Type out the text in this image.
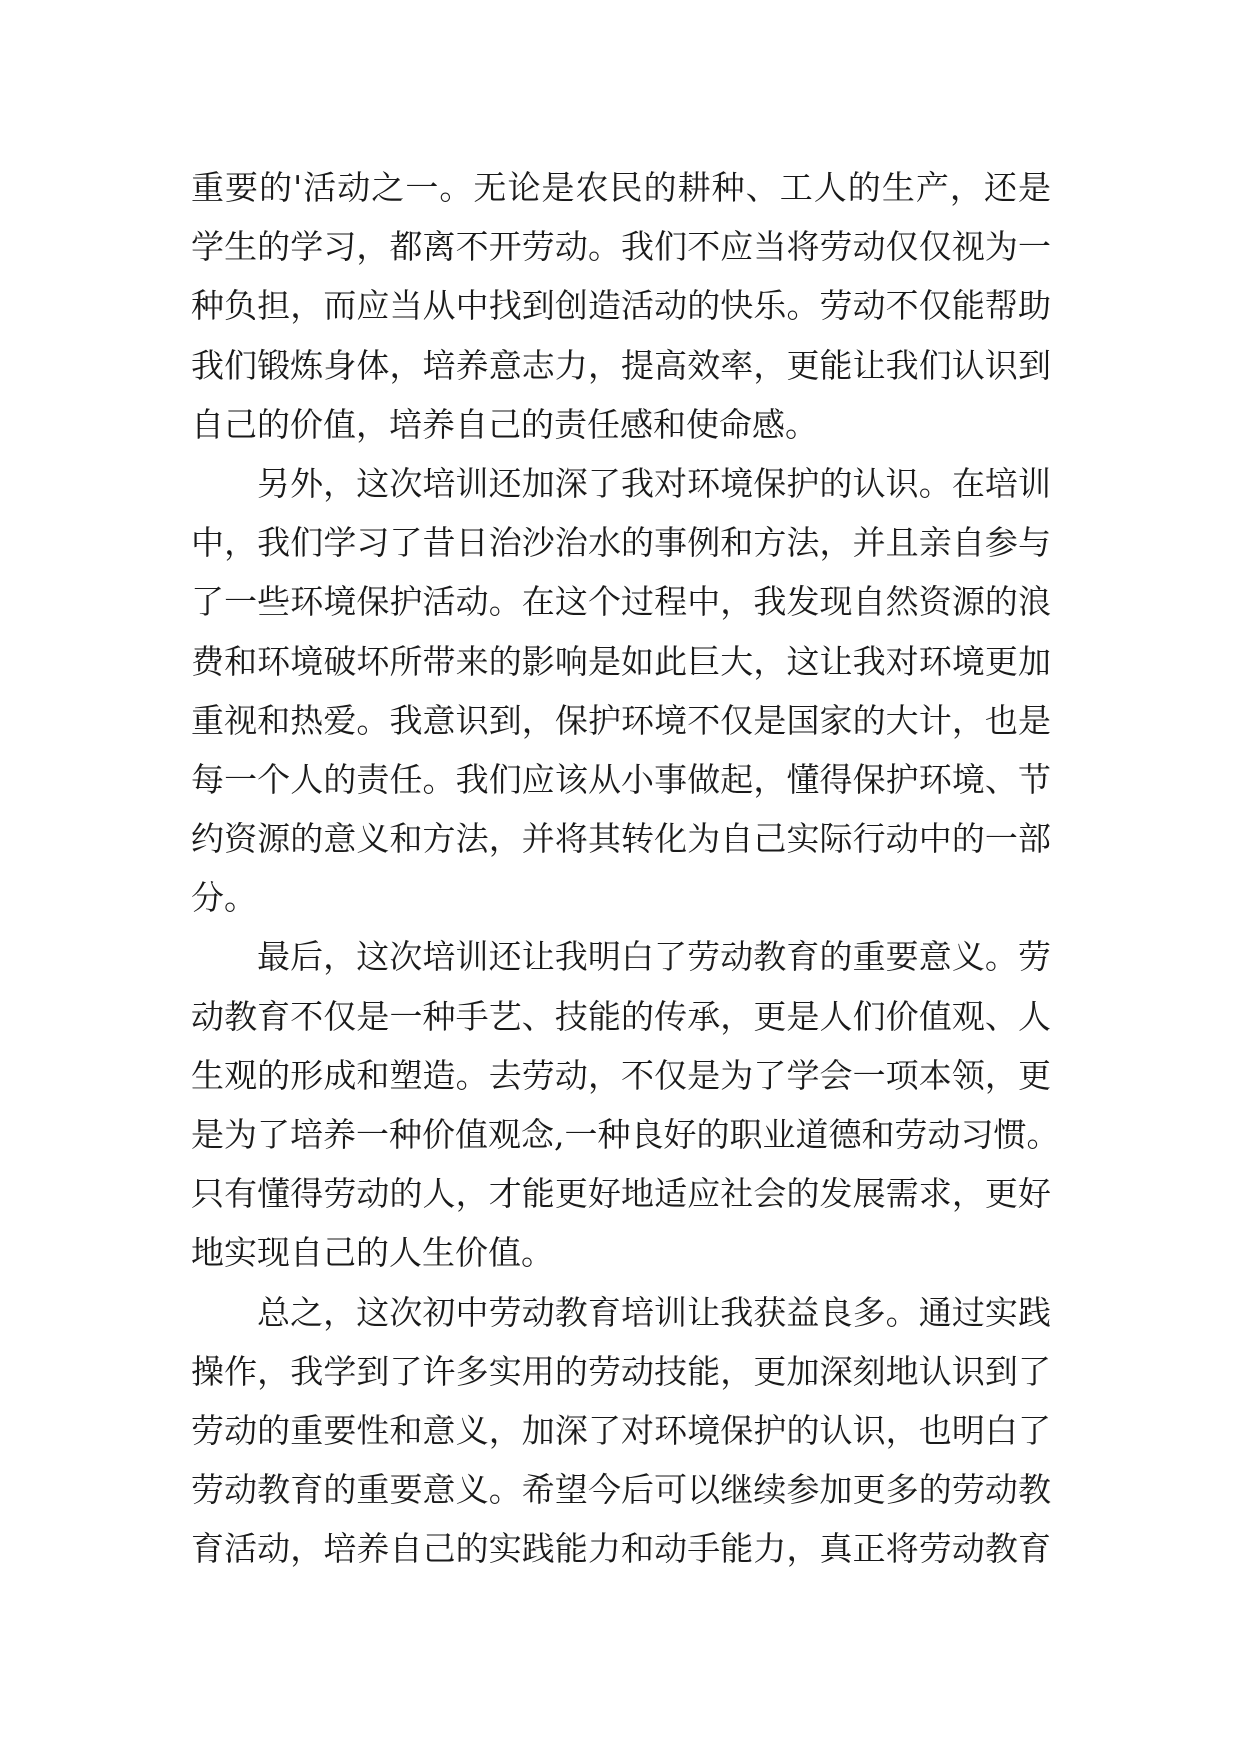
重要的'活动之一。无论是农民的耕种、工人的生产，还是
学生的学习，都离不开劳动。我们不应当将劳动仅仅视为一
种负担，而应当从中找到创造活动的快乐。劳动不仅能帮助
我们锻炼身体，培养意志力，提高效率，更能让我们认识到
自己的价值，培养自己的责任感和使命感。
另外，这次培训还加深了我对环境保护的认识。在培训
中，我们学习了昔日治沙治水的事例和方法，并且亲自参与
了一些环境保护活动。在这个过程中，我发现自然资源的浪
费和环境破坏所带来的影响是如此巨大，这让我对环境更加
重视和热爱。我意识到，保护环境不仅是国家的大计，也是
每一个人的责任。我们应该从小事做起，懂得保护环境、节
约资源的意义和方法，并将其转化为自己实际行动中的一部
分。
最后，这次培训还让我明白了劳动教育的重要意义。劳
动教育不仅是一种手艺、技能的传承，更是人们价值观、人
生观的形成和塑造。去劳动，不仅是为了学会一项本领，更
是为了培养一种价值观念,一种良好的职业道德和劳动习惯。
只有懂得劳动的人，才能更好地适应社会的发展需求，更好
地实现自己的人生价值。
总之，这次初中劳动教育培训让我获益良多。通过实践
操作，我学到了许多实用的劳动技能，更加深刻地认识到了
劳动的重要性和意义，加深了对环境保护的认识，也明白了
劳动教育的重要意义。希望今后可以继续参加更多的劳动教
育活动，培养自己的实践能力和动手能力，真正将劳动教育
